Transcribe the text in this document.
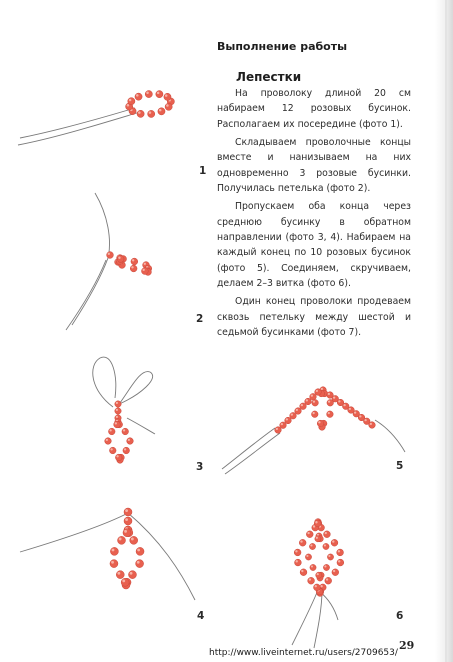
Выполнение работы
Лепестки

На проволоку длиной 20 см набираем 12 розовых бусинок. Располагаем их посередине (фото 1).

Складываем проволочные концы вместе и нанизываем на них одновременно 3 розовые бусинки. Получилась петелька (фото 2).

Пропускаем оба конца через среднюю бусинку в обратном направлении (фото 3, 4). Набираем на каждый конец по 10 розовых бусинок (фото 5). Соединяем, скручиваем, делаем 2–3 витка (фото 6).

Один конец проволоки продеваем сквозь петельку между шестой и седьмой бусинками (фото 7).

1
2
3
4
5
6
29
http://www.liveinternet.ru/users/2709653/
